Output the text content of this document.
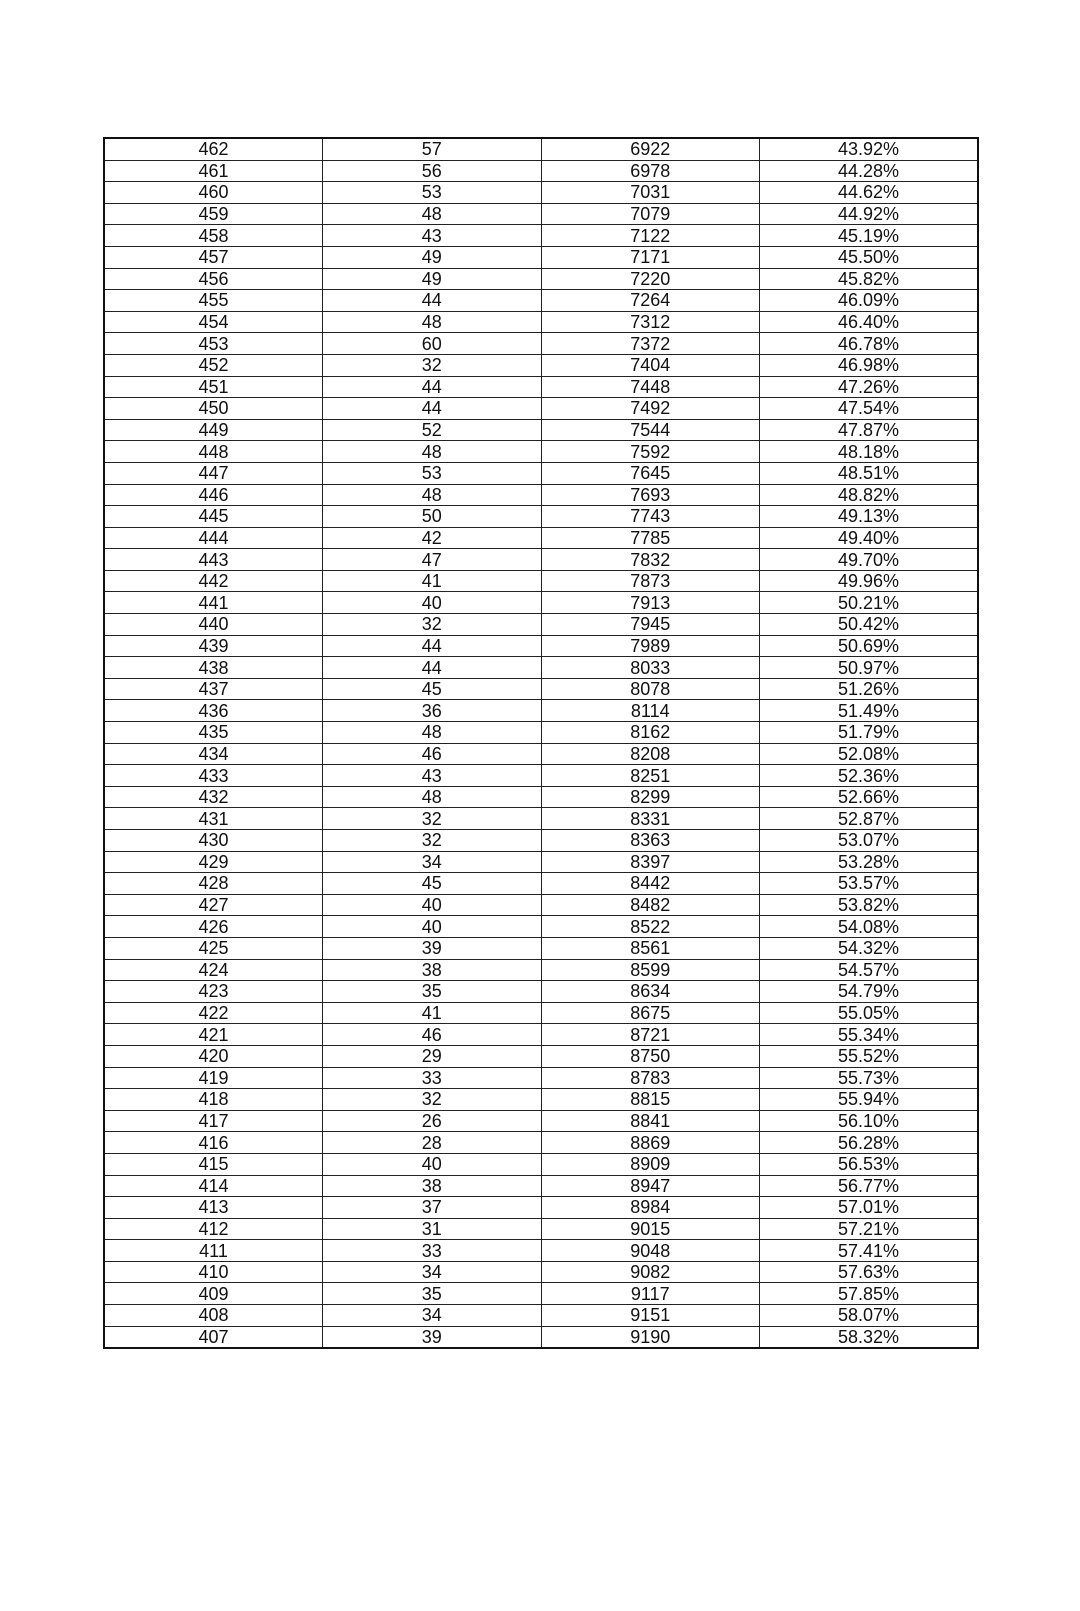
462	57	6922	43.92%
461	56	6978	44.28%
460	53	7031	44.62%
459	48	7079	44.92%
458	43	7122	45.19%
457	49	7171	45.50%
456	49	7220	45.82%
455	44	7264	46.09%
454	48	7312	46.40%
453	60	7372	46.78%
452	32	7404	46.98%
451	44	7448	47.26%
450	44	7492	47.54%
449	52	7544	47.87%
448	48	7592	48.18%
447	53	7645	48.51%
446	48	7693	48.82%
445	50	7743	49.13%
444	42	7785	49.40%
443	47	7832	49.70%
442	41	7873	49.96%
441	40	7913	50.21%
440	32	7945	50.42%
439	44	7989	50.69%
438	44	8033	50.97%
437	45	8078	51.26%
436	36	8114	51.49%
435	48	8162	51.79%
434	46	8208	52.08%
433	43	8251	52.36%
432	48	8299	52.66%
431	32	8331	52.87%
430	32	8363	53.07%
429	34	8397	53.28%
428	45	8442	53.57%
427	40	8482	53.82%
426	40	8522	54.08%
425	39	8561	54.32%
424	38	8599	54.57%
423	35	8634	54.79%
422	41	8675	55.05%
421	46	8721	55.34%
420	29	8750	55.52%
419	33	8783	55.73%
418	32	8815	55.94%
417	26	8841	56.10%
416	28	8869	56.28%
415	40	8909	56.53%
414	38	8947	56.77%
413	37	8984	57.01%
412	31	9015	57.21%
411	33	9048	57.41%
410	34	9082	57.63%
409	35	9117	57.85%
408	34	9151	58.07%
407	39	9190	58.32%
